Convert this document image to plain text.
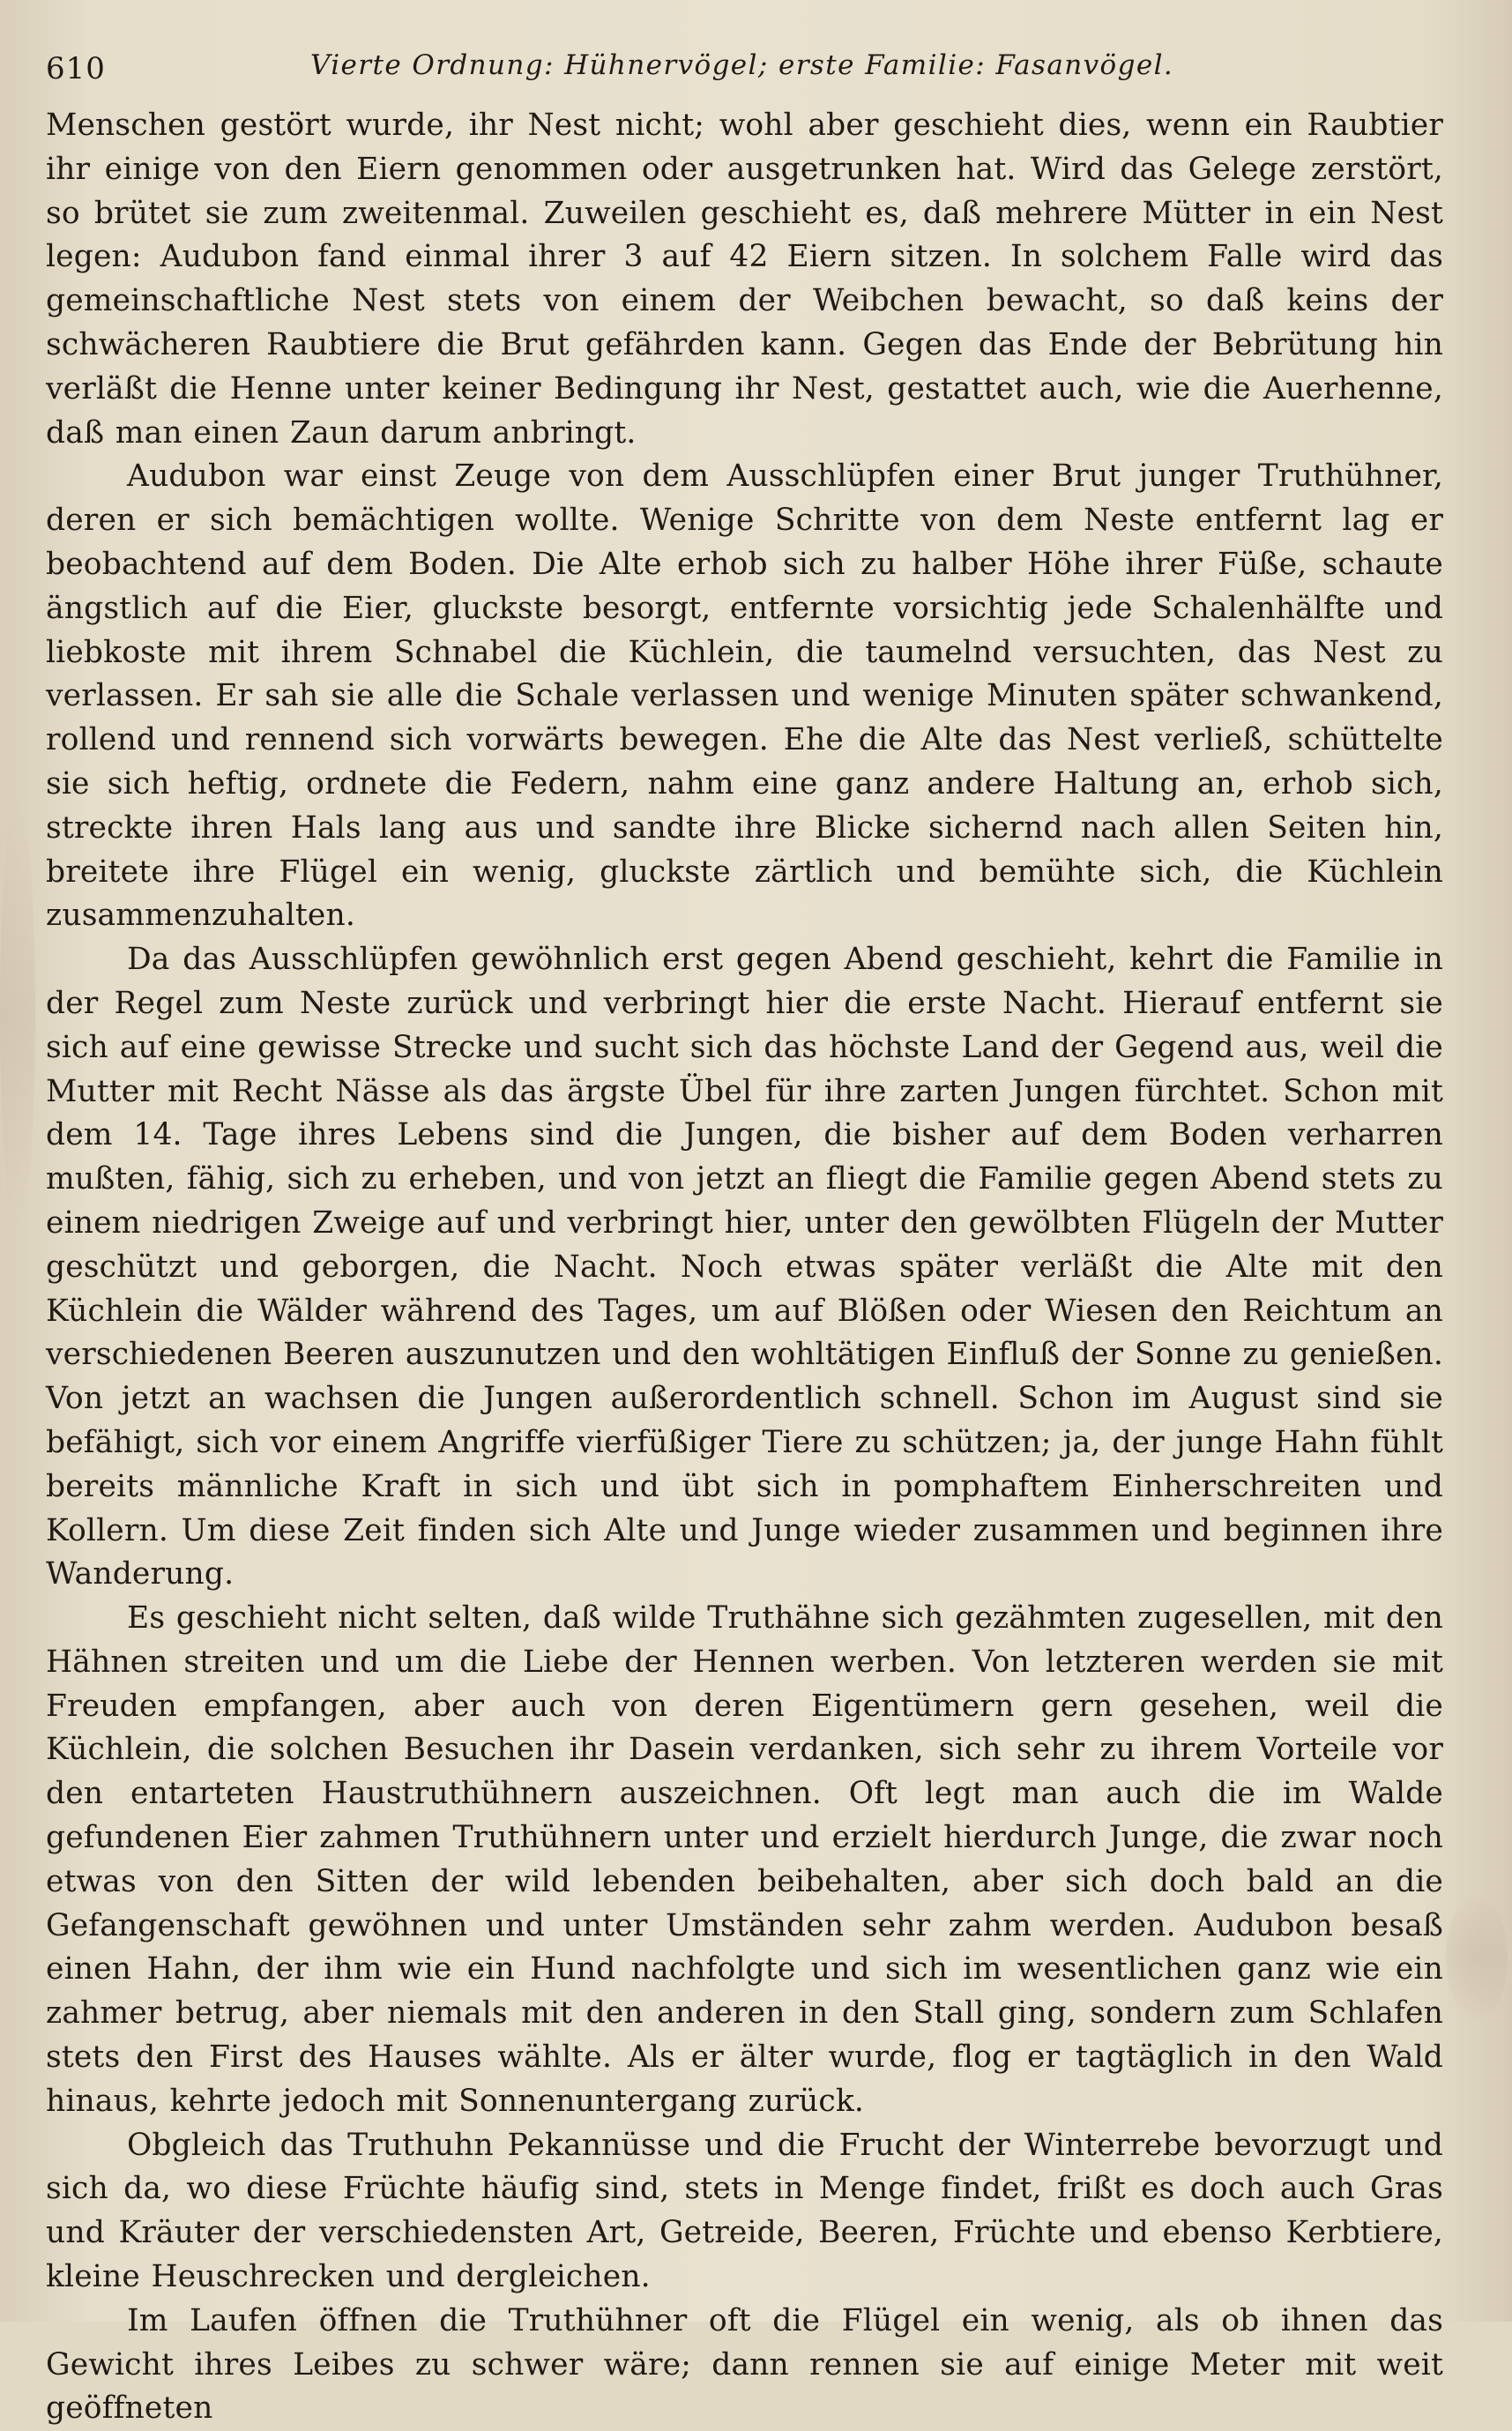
610	Vierte Ordnung: Hühnervögel; erste Familie: Fasanvögel.

Menschen gestört wurde, ihr Nest nicht; wohl aber geschieht dies, wenn ein Raubtier ihr einige von den Eiern genommen oder ausgetrunken hat. Wird das Gelege zerstört, so brütet sie zum zweitenmal. Zuweilen geschieht es, daß mehrere Mütter in ein Nest legen: Audubon fand einmal ihrer 3 auf 42 Eiern sitzen. In solchem Falle wird das gemeinschaftliche Nest stets von einem der Weibchen bewacht, so daß keins der schwächeren Raubtiere die Brut gefährden kann. Gegen das Ende der Bebrütung hin verläßt die Henne unter keiner Bedingung ihr Nest, gestattet auch, wie die Auerhenne, daß man einen Zaun darum anbringt.

Audubon war einst Zeuge von dem Ausschlüpfen einer Brut junger Truthühner, deren er sich bemächtigen wollte. Wenige Schritte von dem Neste entfernt lag er beobachtend auf dem Boden. Die Alte erhob sich zu halber Höhe ihrer Füße, schaute ängstlich auf die Eier, gluckste besorgt, entfernte vorsichtig jede Schalenhälfte und liebkoste mit ihrem Schnabel die Küchlein, die taumelnd versuchten, das Nest zu verlassen. Er sah sie alle die Schale verlassen und wenige Minuten später schwankend, rollend und rennend sich vorwärts bewegen. Ehe die Alte das Nest verließ, schüttelte sie sich heftig, ordnete die Federn, nahm eine ganz andere Haltung an, erhob sich, streckte ihren Hals lang aus und sandte ihre Blicke sichernd nach allen Seiten hin, breitete ihre Flügel ein wenig, gluckste zärtlich und bemühte sich, die Küchlein zusammenzuhalten.

Da das Ausschlüpfen gewöhnlich erst gegen Abend geschieht, kehrt die Familie in der Regel zum Neste zurück und verbringt hier die erste Nacht. Hierauf entfernt sie sich auf eine gewisse Strecke und sucht sich das höchste Land der Gegend aus, weil die Mutter mit Recht Nässe als das ärgste Übel für ihre zarten Jungen fürchtet. Schon mit dem 14. Tage ihres Lebens sind die Jungen, die bisher auf dem Boden verharren mußten, fähig, sich zu erheben, und von jetzt an fliegt die Familie gegen Abend stets zu einem niedrigen Zweige auf und verbringt hier, unter den gewölbten Flügeln der Mutter geschützt und geborgen, die Nacht. Noch etwas später verläßt die Alte mit den Küchlein die Wälder während des Tages, um auf Blößen oder Wiesen den Reichtum an verschiedenen Beeren auszunutzen und den wohltätigen Einfluß der Sonne zu genießen. Von jetzt an wachsen die Jungen außerordentlich schnell. Schon im August sind sie befähigt, sich vor einem Angriffe vierfüßiger Tiere zu schützen; ja, der junge Hahn fühlt bereits männliche Kraft in sich und übt sich in pomphaftem Einherschreiten und Kollern. Um diese Zeit finden sich Alte und Junge wieder zusammen und beginnen ihre Wanderung.

Es geschieht nicht selten, daß wilde Truthähne sich gezähmten zugesellen, mit den Hähnen streiten und um die Liebe der Hennen werben. Von letzteren werden sie mit Freuden empfangen, aber auch von deren Eigentümern gern gesehen, weil die Küchlein, die solchen Besuchen ihr Dasein verdanken, sich sehr zu ihrem Vorteile vor den entarteten Haustruthühnern auszeichnen. Oft legt man auch die im Walde gefundenen Eier zahmen Truthühnern unter und erzielt hierdurch Junge, die zwar noch etwas von den Sitten der wild lebenden beibehalten, aber sich doch bald an die Gefangenschaft gewöhnen und unter Umständen sehr zahm werden. Audubon besaß einen Hahn, der ihm wie ein Hund nachfolgte und sich im wesentlichen ganz wie ein zahmer betrug, aber niemals mit den anderen in den Stall ging, sondern zum Schlafen stets den First des Hauses wählte. Als er älter wurde, flog er tagtäglich in den Wald hinaus, kehrte jedoch mit Sonnenuntergang zurück.

Obgleich das Truthuhn Pekannüsse und die Frucht der Winterrebe bevorzugt und sich da, wo diese Früchte häufig sind, stets in Menge findet, frißt es doch auch Gras und Kräuter der verschiedensten Art, Getreide, Beeren, Früchte und ebenso Kerbtiere, kleine Heuschrecken und dergleichen.

Im Laufen öffnen die Truthühner oft die Flügel ein wenig, als ob ihnen das Gewicht ihres Leibes zu schwer wäre; dann rennen sie auf einige Meter mit weit geöffneten
